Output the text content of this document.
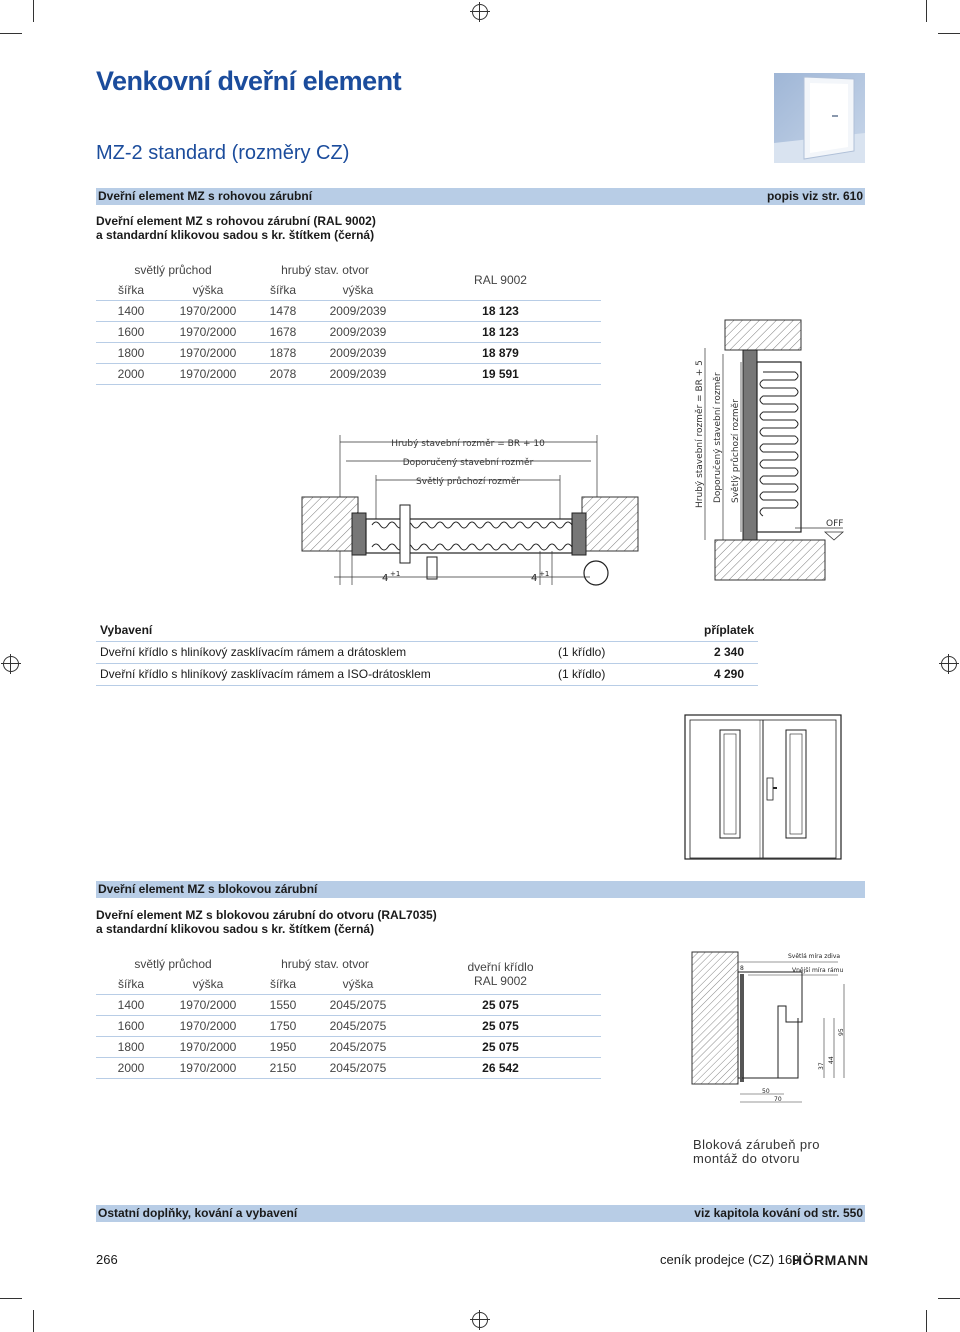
Venkovní dveřní element
MZ-2 standard (rozměry CZ)
Dveřní element MZ s rohovou zárubní	popis viz str. 610
Dveřní element MZ s rohovou zárubní (RAL 9002)
a standardní klikovou sadou s kr. štítkem (černá)
světlý průchod		hrubý stav. otvor		RAL 9002
šířka	výška	šířka	výška	
1400	1970/2000	1478	2009/2039	18 123
1600	1970/2000	1678	2009/2039	18 123
1800	1970/2000	1878	2009/2039	18 879
2000	1970/2000	2078	2009/2039	19 591
Hrubý stavební rozměr = BR + 10
Doporučený stavební rozměr
Světlý průchozí rozměr
4 +1	4 +1
Hrubý stavební rozměr = BR + 5 Doporučený stavební rozměr Světlý průchozí rozměr
OFF
Vybavení	příplatek
Dveřní křídlo s hliníkový zasklívacím rámem a drátosklem	(1 křídlo)	2 340
Dveřní křídlo s hliníkový zasklívacím rámem a ISO-drátosklem	(1 křídlo)	4 290
Dveřní element MZ s blokovou zárubní
Dveřní element MZ s blokovou zárubní do otvoru (RAL7035)
a standardní klikovou sadou s kr. štítkem (černá)
světlý průchod		hrubý stav. otvor		dveřní křídlo
RAL 9002

šířka	výška	šířka	výška	
1400	1970/2000	1550	2045/2075	25 075
1600	1970/2000	1750	2045/2075	25 075
1800	1970/2000	1950	2045/2075	25 075
2000	1970/2000	2150	2045/2075	26 542
Světlá míra zdiva
Vnější míra rámu
50
70
37
44
95
8
Bloková zárubeň pro
montáž do otvoru
Ostatní doplňky, kování a vybavení	viz kapitola kování od str. 550
266	ceník prodejce (CZ) 169
HÖRMANN
